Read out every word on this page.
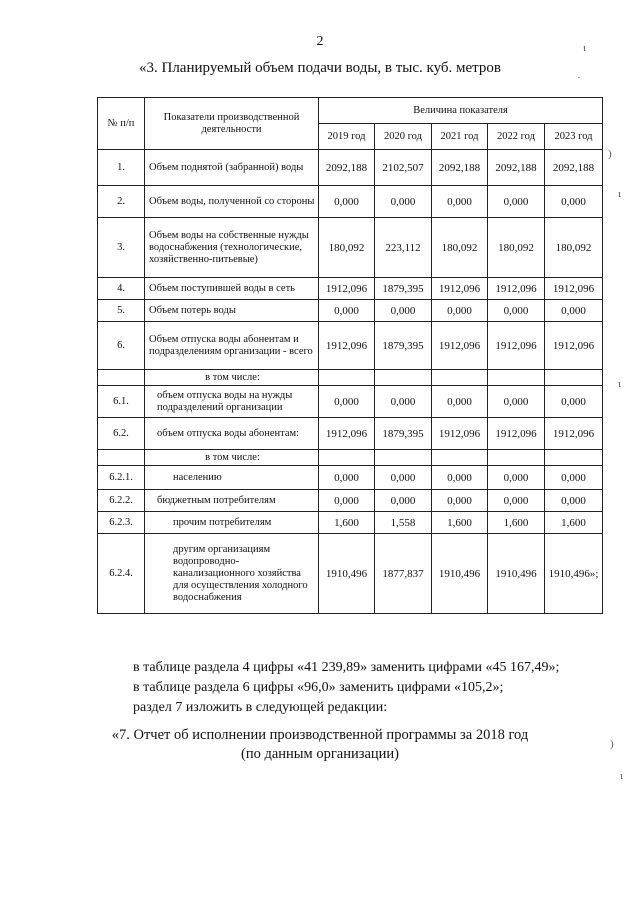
2
«3. Планируемый объем подачи воды, в тыс. куб. метров
№ п/п	Показатели производственной деятельности	Величина показателя				
		2019 год	2020 год	2021 год	2022 год	2023 год
1.	Объем поднятой (забранной) воды	2092,188	2102,507	2092,188	2092,188	2092,188
2.	Объем воды, полученной со стороны	0,000	0,000	0,000	0,000	0,000
3.	Объем воды на собственные нужды водоснабжения (технологические, хозяйственно-питьевые)	180,092	223,112	180,092	180,092	180,092
4.	Объем поступившей воды в сеть	1912,096	1879,395	1912,096	1912,096	1912,096
5.	Объем потерь воды	0,000	0,000	0,000	0,000	0,000
6.	Объем отпуска воды абонентам и подразделениям организации - всего	1912,096	1879,395	1912,096	1912,096	1912,096
	в том числе:					
6.1.	объем отпуска воды на нужды подразделений организации	0,000	0,000	0,000	0,000	0,000
6.2.	объем отпуска воды абонентам:	1912,096	1879,395	1912,096	1912,096	1912,096
	в том числе:					
6.2.1.	населению	0,000	0,000	0,000	0,000	0,000
6.2.2.	бюджетным потребителям	0,000	0,000	0,000	0,000	0,000
6.2.3.	прочим потребителям	1,600	1,558	1,600	1,600	1,600
6.2.4.	другим организациям водопроводно-канализационного хозяйства для осуществления холодного водоснабжения	1910,496	1877,837	1910,496	1910,496	1910,496»;
в таблице раздела 4 цифры «41 239,89» заменить цифрами «45 167,49»;
в таблице раздела 6 цифры «96,0» заменить цифрами «105,2»;
раздел 7 изложить в следующей редакции:
«7. Отчет об исполнении производственной программы за 2018 год
(по данным организации)
ι
·
)
ι
ι
)
ι
